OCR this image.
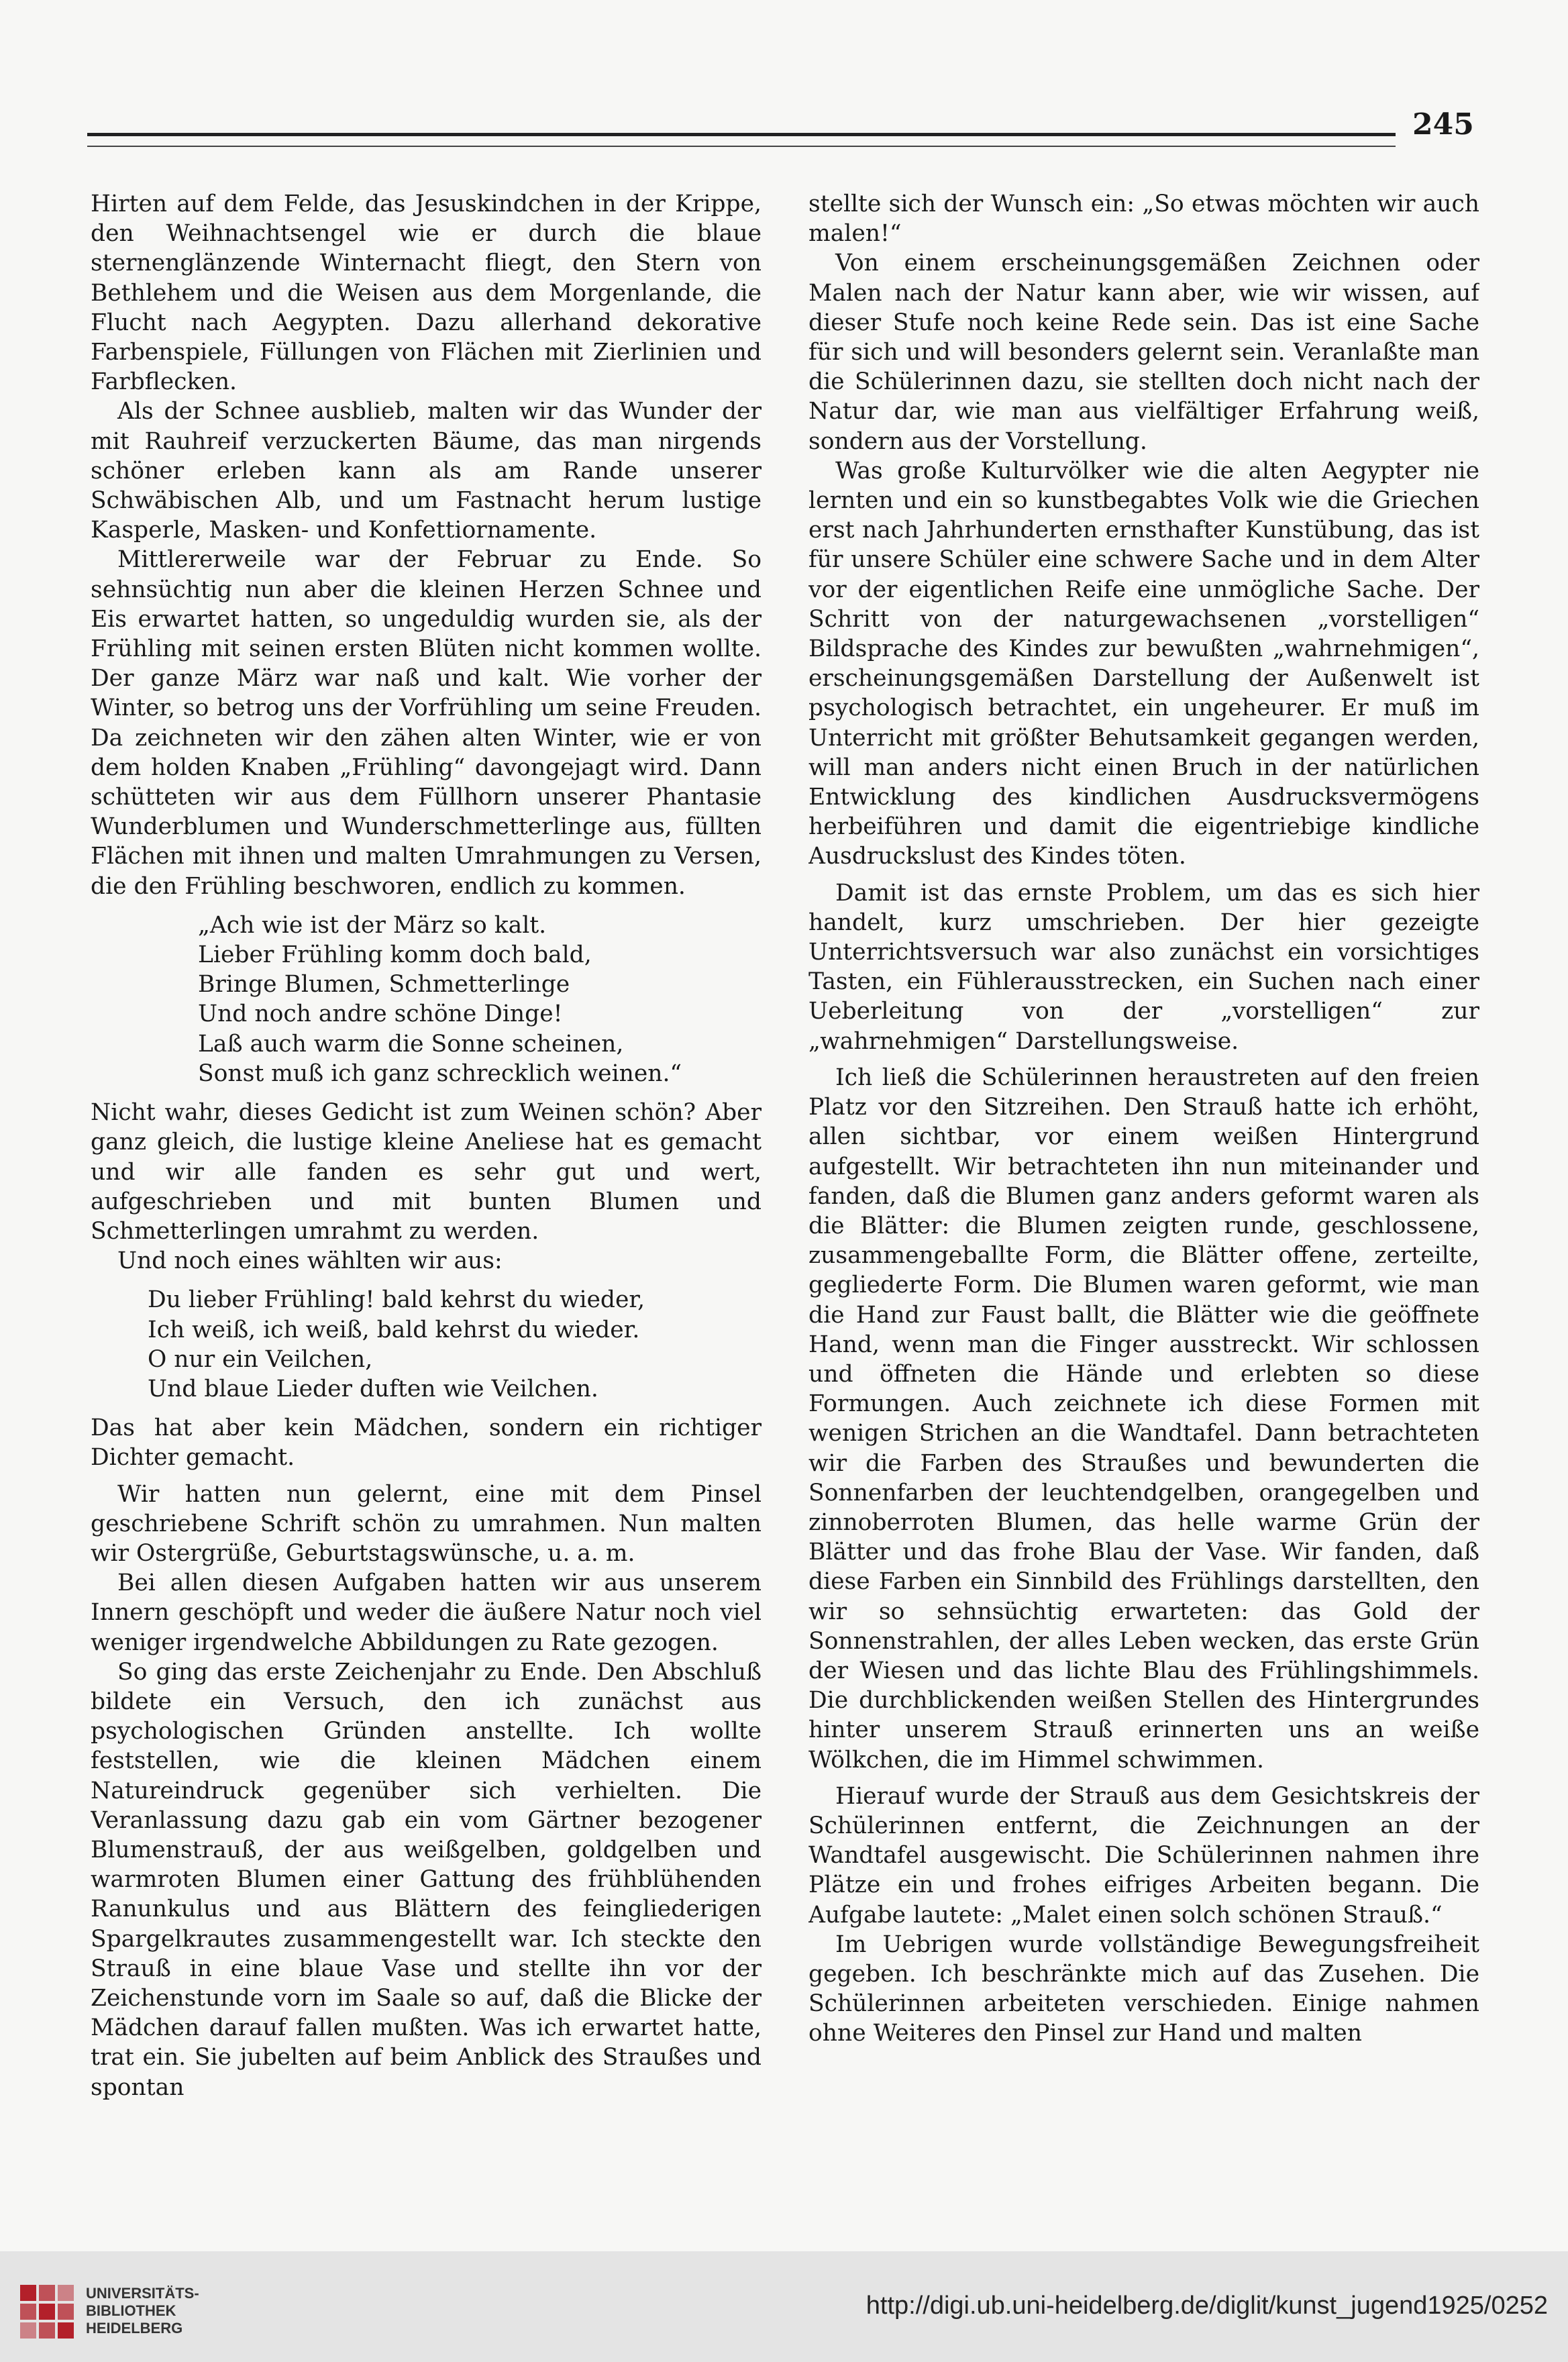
245

Hirten auf dem Felde, das Jesuskindchen in der Krippe, den Weihnachtsengel wie er durch die blaue sternenglänzende Winternacht fliegt, den Stern von Bethlehem und die Weisen aus dem Morgenlande, die Flucht nach Aegypten. Dazu allerhand dekorative Farbenspiele, Füllungen von Flächen mit Zierlinien und Farbflecken.

Als der Schnee ausblieb, malten wir das Wunder der mit Rauhreif verzuckerten Bäume, das man nirgends schöner erleben kann als am Rande unserer Schwäbischen Alb, und um Fastnacht herum lustige Kasperle, Masken- und Konfettiornamente.

Mittlererweile war der Februar zu Ende. So sehnsüchtig nun aber die kleinen Herzen Schnee und Eis erwartet hatten, so ungeduldig wurden sie, als der Frühling mit seinen ersten Blüten nicht kommen wollte. Der ganze März war naß und kalt. Wie vorher der Winter, so betrog uns der Vorfrühling um seine Freuden. Da zeichneten wir den zähen alten Winter, wie er von dem holden Knaben „Frühling“ davongejagt wird. Dann schütteten wir aus dem Füllhorn unserer Phantasie Wunderblumen und Wunderschmetterlinge aus, füllten Flächen mit ihnen und malten Umrahmungen zu Versen, die den Frühling beschworen, endlich zu kommen.

„Ach wie ist der März so kalt.
Lieber Frühling komm doch bald,
Bringe Blumen, Schmetterlinge
Und noch andre schöne Dinge!
Laß auch warm die Sonne scheinen,
Sonst muß ich ganz schrecklich weinen.“

Nicht wahr, dieses Gedicht ist zum Weinen schön? Aber ganz gleich, die lustige kleine Aneliese hat es gemacht und wir alle fanden es sehr gut und wert, aufgeschrieben und mit bunten Blumen und Schmetterlingen umrahmt zu werden.

Und noch eines wählten wir aus:

Du lieber Frühling! bald kehrst du wieder,
Ich weiß, ich weiß, bald kehrst du wieder.
O nur ein Veilchen,
Und blaue Lieder duften wie Veilchen.

Das hat aber kein Mädchen, sondern ein richtiger Dichter gemacht.

Wir hatten nun gelernt, eine mit dem Pinsel geschriebene Schrift schön zu umrahmen. Nun malten wir Ostergrüße, Geburtstagswünsche, u. a. m.

Bei allen diesen Aufgaben hatten wir aus unserem Innern geschöpft und weder die äußere Natur noch viel weniger irgendwelche Abbildungen zu Rate gezogen.

So ging das erste Zeichenjahr zu Ende. Den Abschluß bildete ein Versuch, den ich zunächst aus psychologischen Gründen anstellte. Ich wollte feststellen, wie die kleinen Mädchen einem Natureindruck gegenüber sich verhielten. Die Veranlassung dazu gab ein vom Gärtner bezogener Blumenstrauß, der aus weißgelben, goldgelben und warmroten Blumen einer Gattung des frühblühenden Ranunkulus und aus Blättern des feingliederigen Spargelkrautes zusammengestellt war. Ich steckte den Strauß in eine blaue Vase und stellte ihn vor der Zeichenstunde vorn im Saale so auf, daß die Blicke der Mädchen darauf fallen mußten. Was ich erwartet hatte, trat ein. Sie jubelten auf beim Anblick des Straußes und spontan

stellte sich der Wunsch ein: „So etwas möchten wir auch malen!“

Von einem erscheinungsgemäßen Zeichnen oder Malen nach der Natur kann aber, wie wir wissen, auf dieser Stufe noch keine Rede sein. Das ist eine Sache für sich und will besonders gelernt sein. Veranlaßte man die Schülerinnen dazu, sie stellten doch nicht nach der Natur dar, wie man aus vielfältiger Erfahrung weiß, sondern aus der Vorstellung.

Was große Kulturvölker wie die alten Aegypter nie lernten und ein so kunstbegabtes Volk wie die Griechen erst nach Jahrhunderten ernsthafter Kunstübung, das ist für unsere Schüler eine schwere Sache und in dem Alter vor der eigentlichen Reife eine unmögliche Sache. Der Schritt von der naturgewachsenen „vorstelligen“ Bildsprache des Kindes zur bewußten „wahrnehmigen“, erscheinungsgemäßen Darstellung der Außenwelt ist psychologisch betrachtet, ein ungeheurer. Er muß im Unterricht mit größter Behutsamkeit gegangen werden, will man anders nicht einen Bruch in der natürlichen Entwicklung des kindlichen Ausdrucksvermögens herbeiführen und damit die eigentriebige kindliche Ausdruckslust des Kindes töten.

Damit ist das ernste Problem, um das es sich hier handelt, kurz umschrieben. Der hier gezeigte Unterrichtsversuch war also zunächst ein vorsichtiges Tasten, ein Fühlerausstrecken, ein Suchen nach einer Ueberleitung von der „vorstelligen“ zur „wahrnehmigen“ Darstellungsweise.

Ich ließ die Schülerinnen heraustreten auf den freien Platz vor den Sitzreihen. Den Strauß hatte ich erhöht, allen sichtbar, vor einem weißen Hintergrund aufgestellt. Wir betrachteten ihn nun miteinander und fanden, daß die Blumen ganz anders geformt waren als die Blätter: die Blumen zeigten runde, geschlossene, zusammengeballte Form, die Blätter offene, zerteilte, gegliederte Form. Die Blumen waren geformt, wie man die Hand zur Faust ballt, die Blätter wie die geöffnete Hand, wenn man die Finger ausstreckt. Wir schlossen und öffneten die Hände und erlebten so diese Formungen. Auch zeichnete ich diese Formen mit wenigen Strichen an die Wandtafel. Dann betrachteten wir die Farben des Straußes und bewunderten die Sonnenfarben der leuchtendgelben, orangegelben und zinnoberroten Blumen, das helle warme Grün der Blätter und das frohe Blau der Vase. Wir fanden, daß diese Farben ein Sinnbild des Frühlings darstellten, den wir so sehnsüchtig erwarteten: das Gold der Sonnenstrahlen, der alles Leben wecken, das erste Grün der Wiesen und das lichte Blau des Frühlingshimmels. Die durchblickenden weißen Stellen des Hintergrundes hinter unserem Strauß erinnerten uns an weiße Wölkchen, die im Himmel schwimmen.

Hierauf wurde der Strauß aus dem Gesichtskreis der Schülerinnen entfernt, die Zeichnungen an der Wandtafel ausgewischt. Die Schülerinnen nahmen ihre Plätze ein und frohes eifriges Arbeiten begann. Die Aufgabe lautete: „Malet einen solch schönen Strauß.“

Im Uebrigen wurde vollständige Bewegungsfreiheit gegeben. Ich beschränkte mich auf das Zusehen. Die Schülerinnen arbeiteten verschieden. Einige nahmen ohne Weiteres den Pinsel zur Hand und malten

UNIVERSITÄTS-
BIBLIOTHEK
HEIDELBERG
http://digi.ub.uni-heidelberg.de/diglit/kunst_jugend1925/0252
